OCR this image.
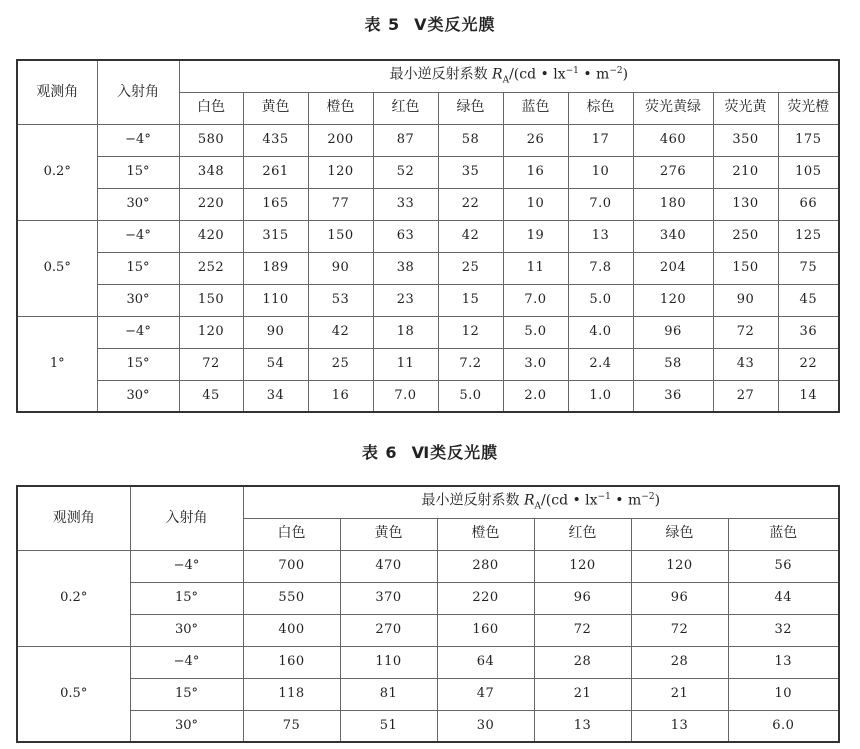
表 5 Ⅴ类反光膜
观测角	入射角	最小逆反射系数 $R_A/(cd$ • $lx^{-1}$ • $m^{-2}$)									
		白色	黄色	橙色	红色	绿色	蓝色	棕色	荧光黄绿	荧光黄	荧光橙
0.2°	−4°	580	435	200	87	58	26	17	460	350	175
	15°	348	261	120	52	35	16	10	276	210	105
	30°	220	165	77	33	22	10	7.0	180	130	66
0.5°	−4°	420	315	150	63	42	19	13	340	250	125
	15°	252	189	90	38	25	11	7.8	204	150	75
	30°	150	110	53	23	15	7.0	5.0	120	90	45
1°	−4°	120	90	42	18	12	5.0	4.0	96	72	36
	15°	72	54	25	11	7.2	3.0	2.4	58	43	22
	30°	45	34	16	7.0	5.0	2.0	1.0	36	27	14
表 6 Ⅵ类反光膜
观测角	入射角	最小逆反射系数 $R_A/(cd$ • $lx^{-1}$ • $m^{-2}$)					
		白色	黄色	橙色	红色	绿色	蓝色
0.2°	−4°	700	470	280	120	120	56
	15°	550	370	220	96	96	44
	30°	400	270	160	72	72	32
0.5°	−4°	160	110	64	28	28	13
	15°	118	81	47	21	21	10
	30°	75	51	30	13	13	6.0
